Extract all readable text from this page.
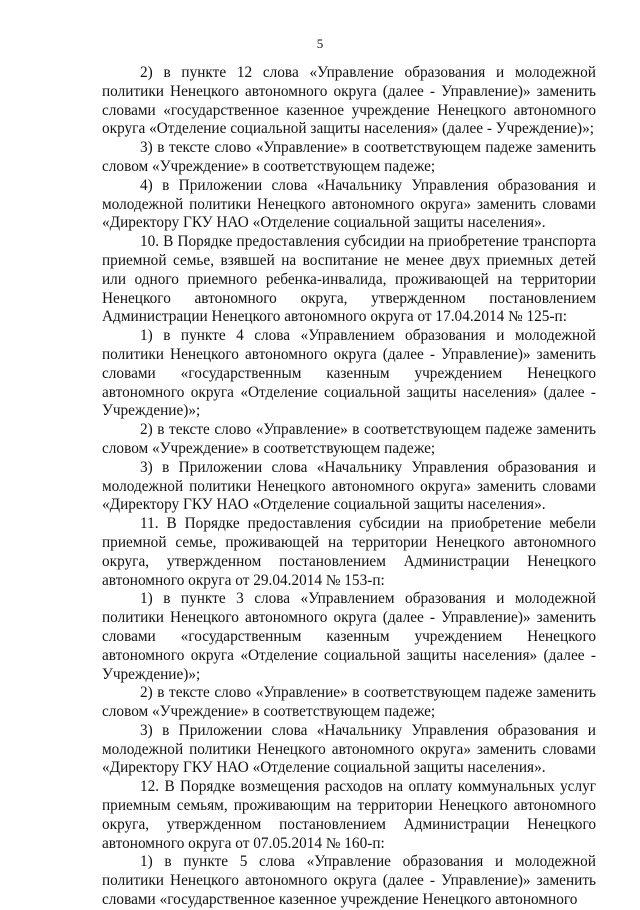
5

2) в пункте 12 слова «Управление образования и молодежной политики Ненецкого автономного округа (далее - Управление)» заменить словами «государственное казенное учреждение Ненецкого автономного округа «Отделение социальной защиты населения» (далее - Учреждение)»;

3) в тексте слово «Управление» в соответствующем падеже заменить словом «Учреждение» в соответствующем падеже;

4) в Приложении слова «Начальнику Управления образования и молодежной политики Ненецкого автономного округа» заменить словами «Директору ГКУ НАО «Отделение социальной защиты населения».

10. В Порядке предоставления субсидии на приобретение транспорта приемной семье, взявшей на воспитание не менее двух приемных детей или одного приемного ребенка-инвалида, проживающей на территории Ненецкого автономного округа, утвержденном постановлением Администрации Ненецкого автономного округа от 17.04.2014 № 125-п:

1) в пункте 4 слова «Управлением образования и молодежной политики Ненецкого автономного округа (далее - Управление)» заменить словами «государственным казенным учреждением Ненецкого автономного округа «Отделение социальной защиты населения» (далее - Учреждение)»;

2) в тексте слово «Управление» в соответствующем падеже заменить словом «Учреждение» в соответствующем падеже;

3) в Приложении слова «Начальнику Управления образования и молодежной политики Ненецкого автономного округа» заменить словами «Директору ГКУ НАО «Отделение социальной защиты населения».

11. В Порядке предоставления субсидии на приобретение мебели приемной семье, проживающей на территории Ненецкого автономного округа, утвержденном постановлением Администрации Ненецкого автономного округа от 29.04.2014 № 153-п:

1) в пункте 3 слова «Управлением образования и молодежной политики Ненецкого автономного округа (далее - Управление)» заменить словами «государственным казенным учреждением Ненецкого автономного округа «Отделение социальной защиты населения» (далее - Учреждение)»;

2) в тексте слово «Управление» в соответствующем падеже заменить словом «Учреждение» в соответствующем падеже;

3) в Приложении слова «Начальнику Управления образования и молодежной политики Ненецкого автономного округа» заменить словами «Директору ГКУ НАО «Отделение социальной защиты населения».

12. В Порядке возмещения расходов на оплату коммунальных услуг приемным семьям, проживающим на территории Ненецкого автономного округа, утвержденном постановлением Администрации Ненецкого автономного округа от 07.05.2014 № 160-п:

1) в пункте 5 слова «Управление образования и молодежной политики Ненецкого автономного округа (далее - Управление)» заменить словами «государственное казенное учреждение Ненецкого автономного
